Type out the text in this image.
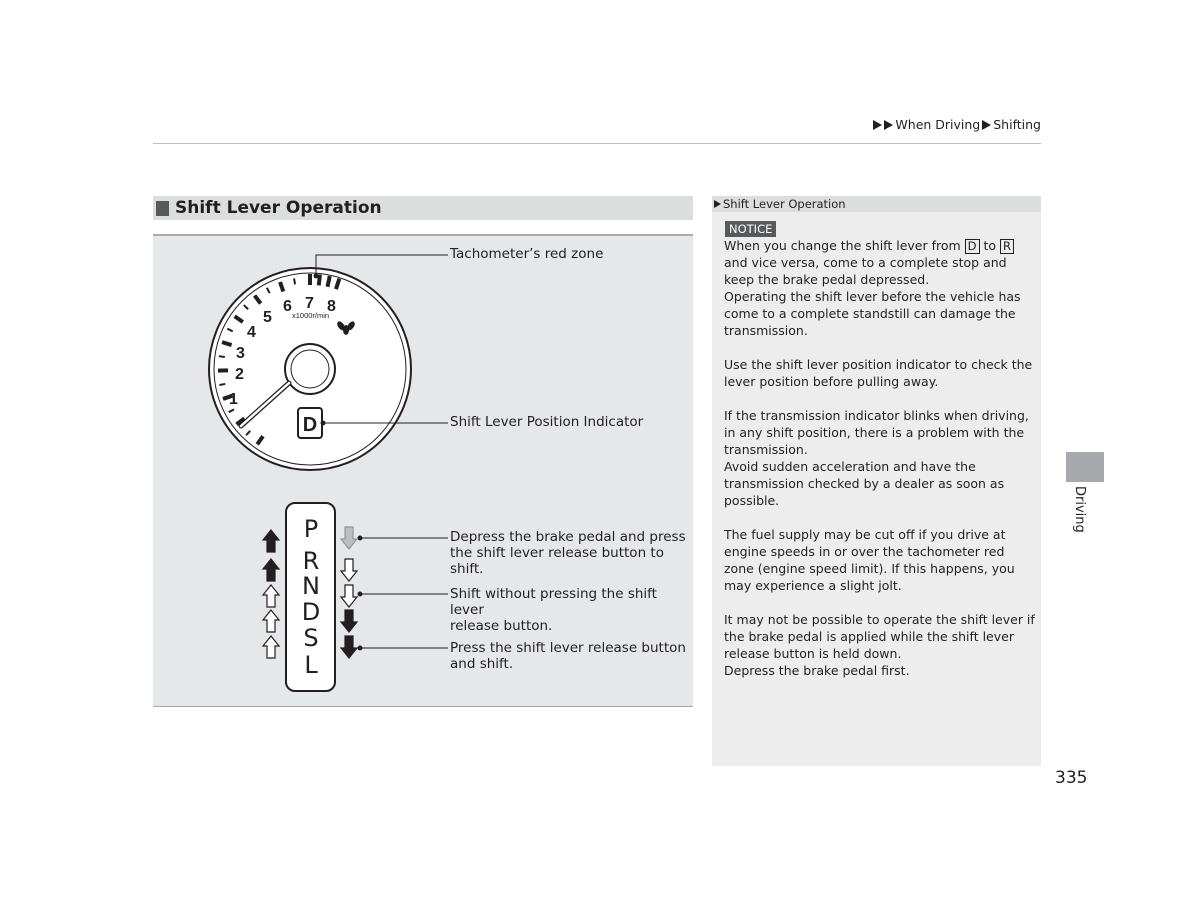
When Driving Shifting
Shift Lever Operation
1
2
3
4
5
6 7 8
x1000r/min
D
P
R
N
D
S
L
Tachometer’s red zone
Shift Lever Position Indicator
Depress the brake pedal and press
the shift lever release button to shift.
Shift without pressing the shift lever
release button.
Press the shift lever release button
and shift.
Shift Lever Operation
NOTICE

When you change the shift lever from D to R and vice versa, come to a complete stop and keep the brake pedal depressed.
Operating the shift lever before the vehicle has come to a complete standstill can damage the transmission.

Use the shift lever position indicator to check the lever position before pulling away.

If the transmission indicator blinks when driving, in any shift position, there is a problem with the transmission.
Avoid sudden acceleration and have the transmission checked by a dealer as soon as possible.

The fuel supply may be cut off if you drive at engine speeds in or over the tachometer red zone (engine speed limit). If this happens, you may experience a slight jolt.

It may not be possible to operate the shift lever if the brake pedal is applied while the shift lever release button is held down.
Depress the brake pedal first.

Driving
335
